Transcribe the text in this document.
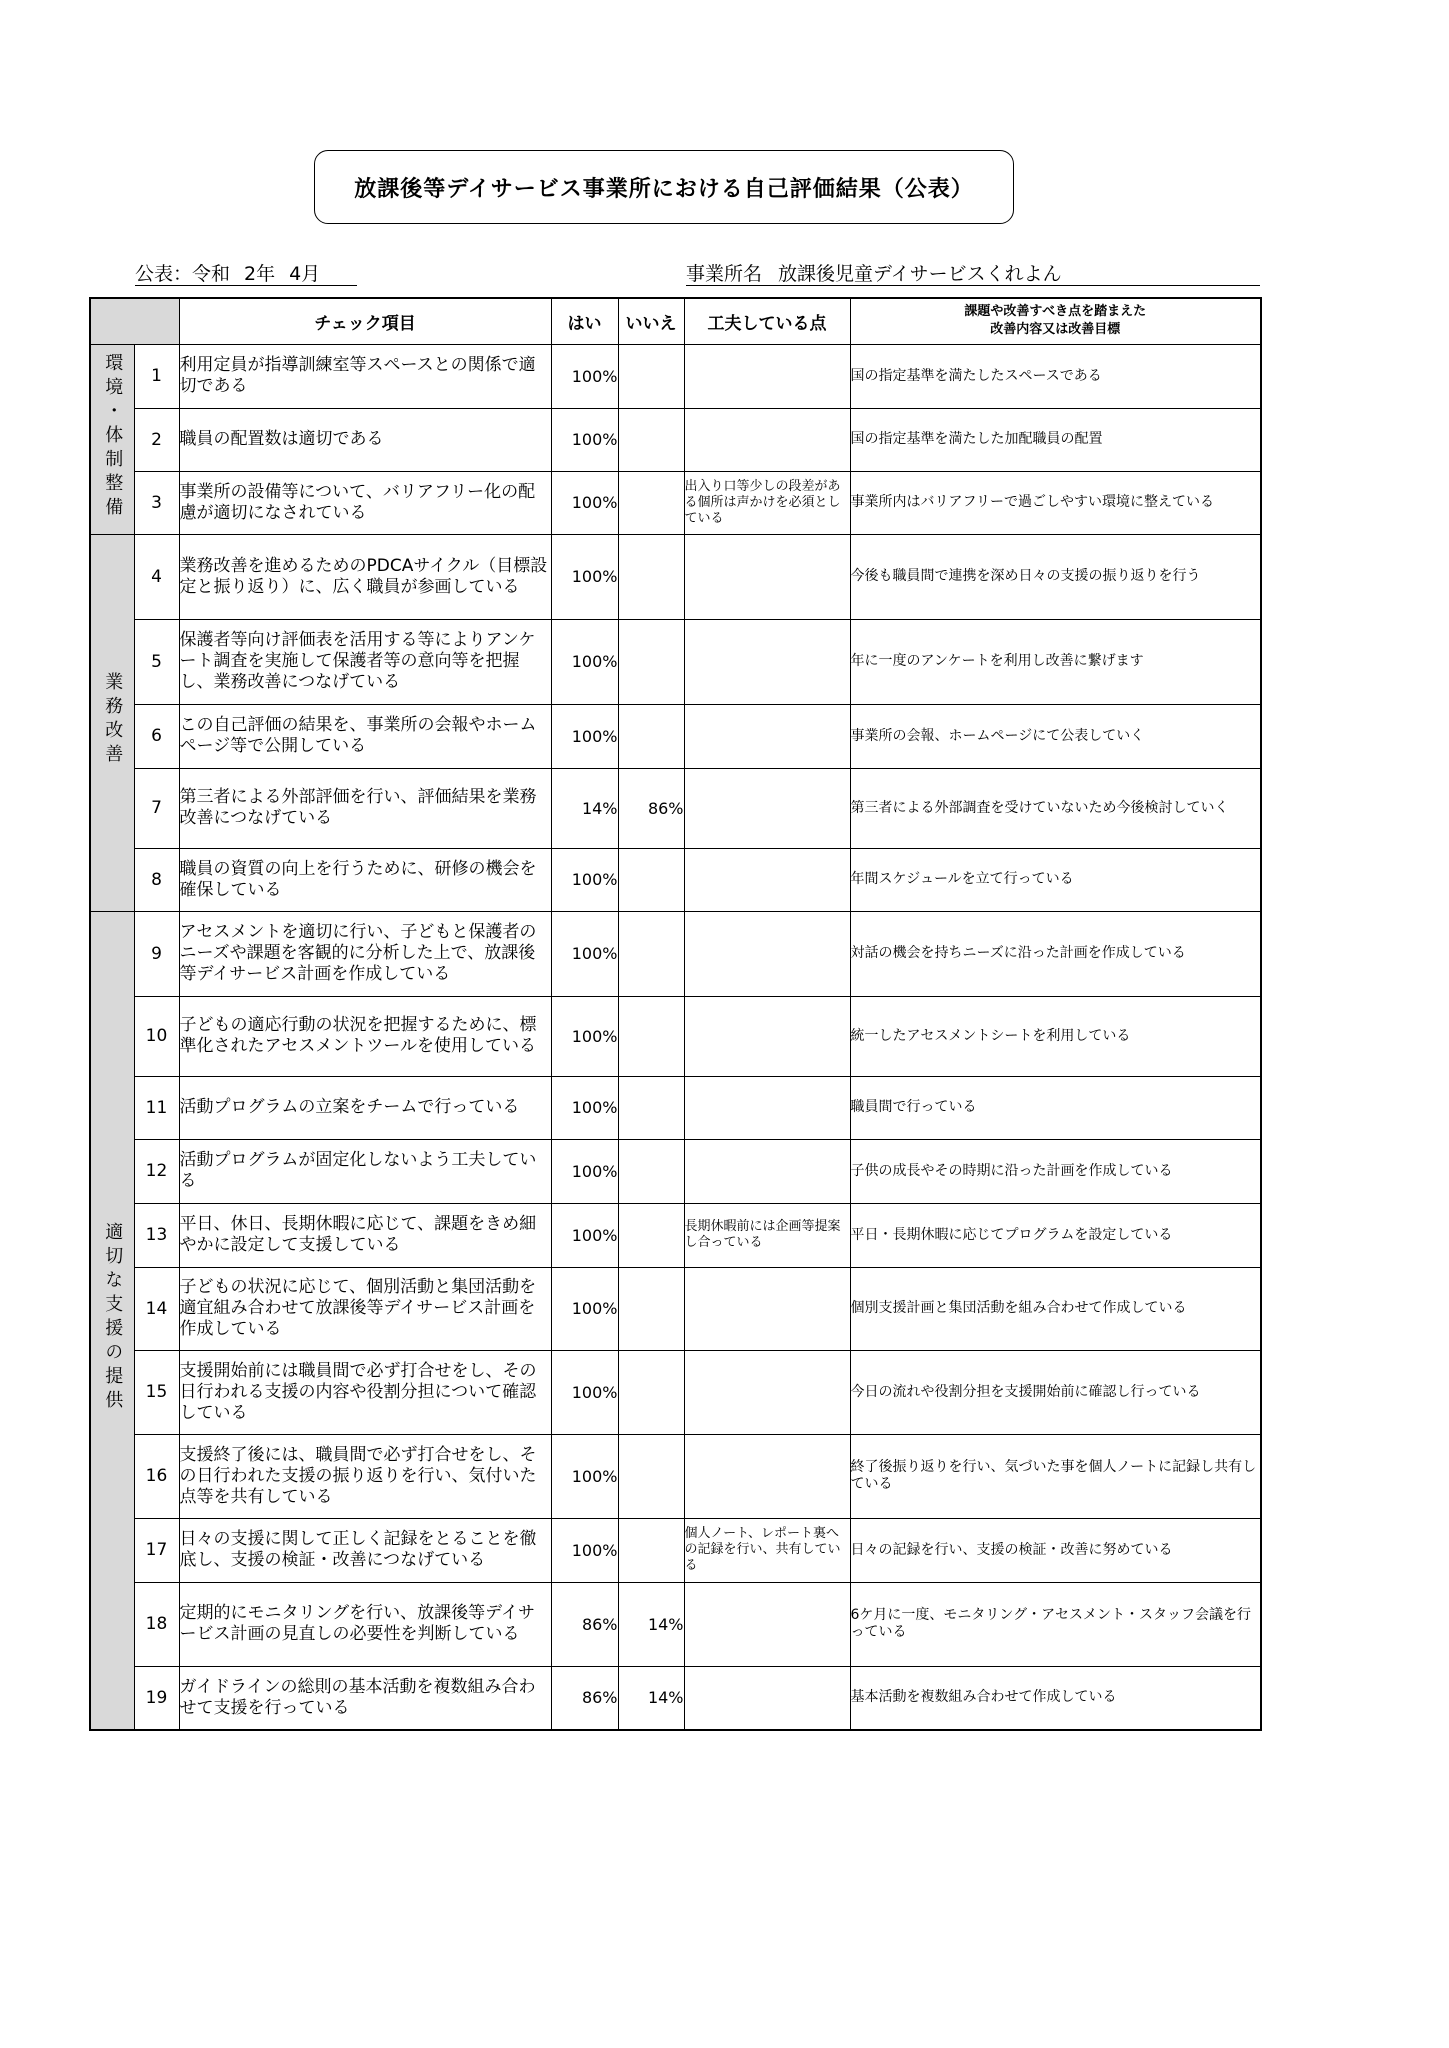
放課後等デイサービス事業所における自己評価結果（公表）
公表：令和 2年 4月	事業所名 放課後児童デイサービスくれよん
		チェック項目	はい	いいえ	工夫している点	課題や改善すべき点を踏まえた
改善内容又は改善目標

環境・体制整備	1	利用定員が指導訓練室等スペースとの関係で適切である	100%			国の指定基準を満たしたスペースである
	2	職員の配置数は適切である	100%			国の指定基準を満たした加配職員の配置
	3	事業所の設備等について、バリアフリー化の配慮が適切になされている	100%		出入り口等少しの段差がある個所は声かけを必須としている	事業所内はバリアフリーで過ごしやすい環境に整えている
業務改善	4	業務改善を進めるためのPDCAサイクル（目標設定と振り返り）に、広く職員が参画している	100%			今後も職員間で連携を深め日々の支援の振り返りを行う
	5	保護者等向け評価表を活用する等によりアンケート調査を実施して保護者等の意向等を把握し、業務改善につなげている	100%			年に一度のアンケートを利用し改善に繋げます
	6	この自己評価の結果を、事業所の会報やホームページ等で公開している	100%			事業所の会報、ホームページにて公表していく
	7	第三者による外部評価を行い、評価結果を業務改善につなげている	14%	86%		第三者による外部調査を受けていないため今後検討していく
	8	職員の資質の向上を行うために、研修の機会を確保している	100%			年間スケジュールを立て行っている
適切な支援の提供	9	アセスメントを適切に行い、子どもと保護者のニーズや課題を客観的に分析した上で、放課後等デイサービス計画を作成している	100%			対話の機会を持ちニーズに沿った計画を作成している
	10	子どもの適応行動の状況を把握するために、標準化されたアセスメントツールを使用している	100%			統一したアセスメントシートを利用している
	11	活動プログラムの立案をチームで行っている	100%			職員間で行っている
	12	活動プログラムが固定化しないよう工夫している	100%			子供の成長やその時期に沿った計画を作成している
	13	平日、休日、長期休暇に応じて、課題をきめ細やかに設定して支援している	100%		長期休暇前には企画等提案し合っている	平日・長期休暇に応じてプログラムを設定している
	14	子どもの状況に応じて、個別活動と集団活動を適宜組み合わせて放課後等デイサービス計画を作成している	100%			個別支援計画と集団活動を組み合わせて作成している
	15	支援開始前には職員間で必ず打合せをし、その日行われる支援の内容や役割分担について確認している	100%			今日の流れや役割分担を支援開始前に確認し行っている
	16	支援終了後には、職員間で必ず打合せをし、その日行われた支援の振り返りを行い、気付いた点等を共有している	100%			終了後振り返りを行い、気づいた事を個人ノートに記録し共有している
	17	日々の支援に関して正しく記録をとることを徹底し、支援の検証・改善につなげている	100%		個人ノート、レポート裏への記録を行い、共有している	日々の記録を行い、支援の検証・改善に努めている
	18	定期的にモニタリングを行い、放課後等デイサービス計画の見直しの必要性を判断している	86%	14%		6ケ月に一度、モニタリング・アセスメント・スタッフ会議を行っている
	19	ガイドラインの総則の基本活動を複数組み合わせて支援を行っている	86%	14%		基本活動を複数組み合わせて作成している
